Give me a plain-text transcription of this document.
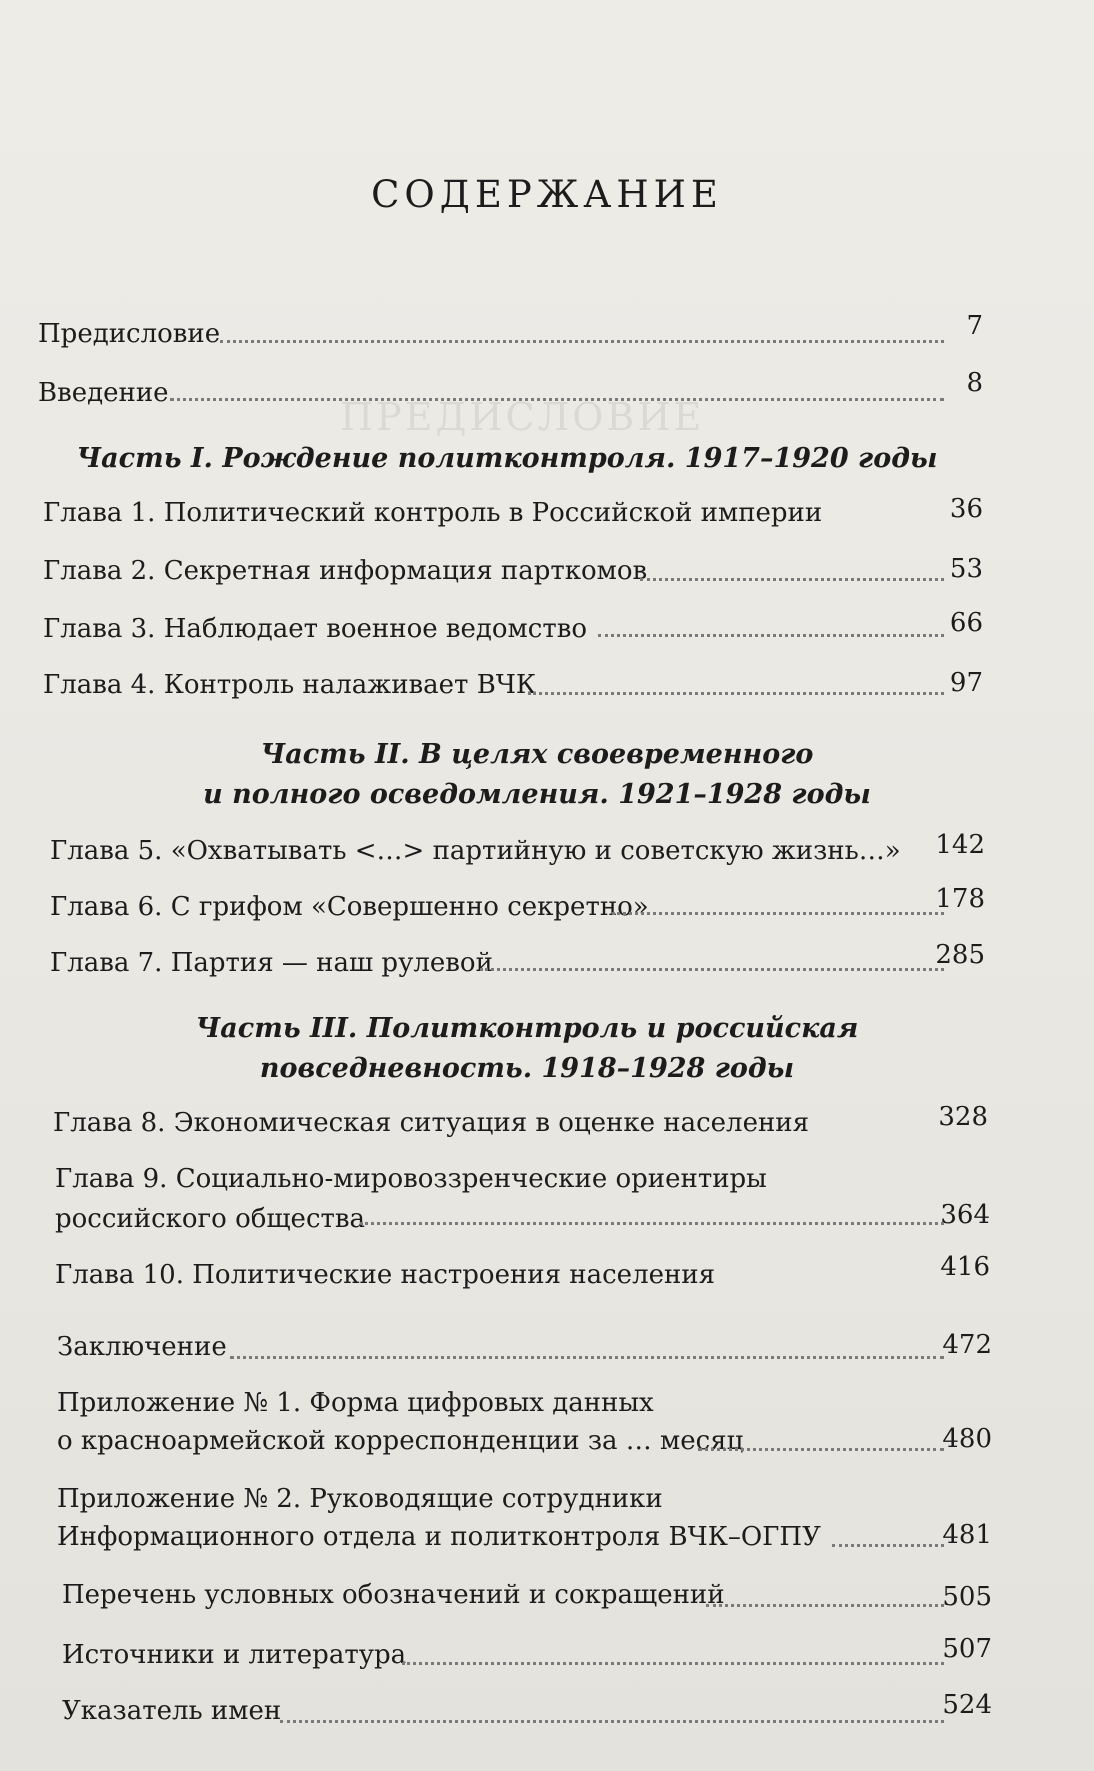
ПРЕДИСЛОВИЕ
СОДЕРЖАНИЕ
Предисловие	7
Введение	8
Часть I. Рождение политконтроля. 1917–1920 годы
Глава 1. Политический контроль в Российской империи	36
Глава 2. Секретная информация парткомов	53
Глава 3. Наблюдает военное ведомство	66
Глава 4. Контроль налаживает ВЧК	97
Часть II. В целях своевременного
и полного осведомления. 1921–1928 годы
Глава 5. «Охватывать <…> партийную и советскую жизнь…» 142
Глава 6. С грифом «Совершенно секретно»	178
Глава 7. Партия — наш рулевой	285
Часть III. Политконтроль и российская
повседневность. 1918–1928 годы
Глава 8. Экономическая ситуация в оценке населения	328
Глава 9. Социально-мировоззренческие ориентиры
российского общества	364
Глава 10. Политические настроения населения	416
Заключение	472
Приложение № 1. Форма цифровых данных
о красноармейской корреспонденции за … месяц	480
Приложение № 2. Руководящие сотрудники
Информационного отдела и политконтроля ВЧК–ОГПУ	481
Перечень условных обозначений и сокращений	505
Источники и литература	507
Указатель имен	524
